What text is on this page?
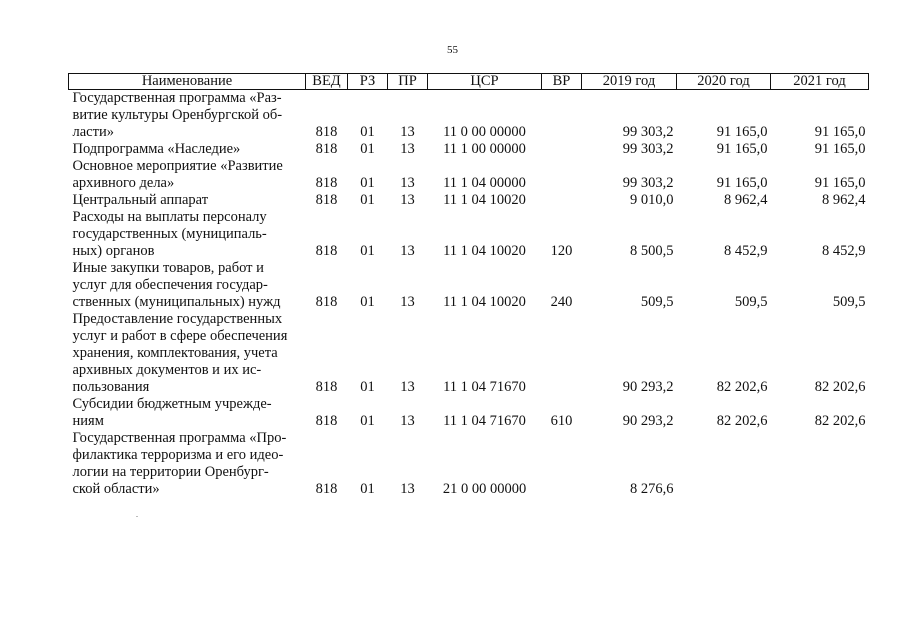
55
Наименование	ВЕД	РЗ	ПР	ЦСР	ВР	2019 год	2020 год	2021 год
Государственная программа «Раз-
витие культуры Оренбургской об-
ласти»	818	01	13	11 0 00 00000		99 303,2	91 165,0	91 165,0
Подпрограмма «Наследие»	818	01	13	11 1 00 00000		99 303,2	91 165,0	91 165,0
Основное мероприятие «Развитие
архивного дела»	818	01	13	11 1 04 00000		99 303,2	91 165,0	91 165,0
Центральный аппарат	818	01	13	11 1 04 10020		9 010,0	8 962,4	8 962,4
Расходы на выплаты персоналу
государственных (муниципаль-
ных) органов	818	01	13	11 1 04 10020	120	8 500,5	8 452,9	8 452,9
Иные закупки товаров, работ и
услуг для обеспечения государ-
ственных (муниципальных) нужд	818	01	13	11 1 04 10020	240	509,5	509,5	509,5
Предоставление государственных
услуг и работ в сфере обеспечения
хранения, комплектования, учета
архивных документов и их ис-
пользования	818	01	13	11 1 04 71670		90 293,2	82 202,6	82 202,6
Субсидии бюджетным учрежде-
ниям	818	01	13	11 1 04 71670	610	90 293,2	82 202,6	82 202,6
Государственная программа «Про-
филактика терроризма и его идео-
логии на территории Оренбург-
ской области»	818	01	13	21 0 00 00000		8 276,6		
